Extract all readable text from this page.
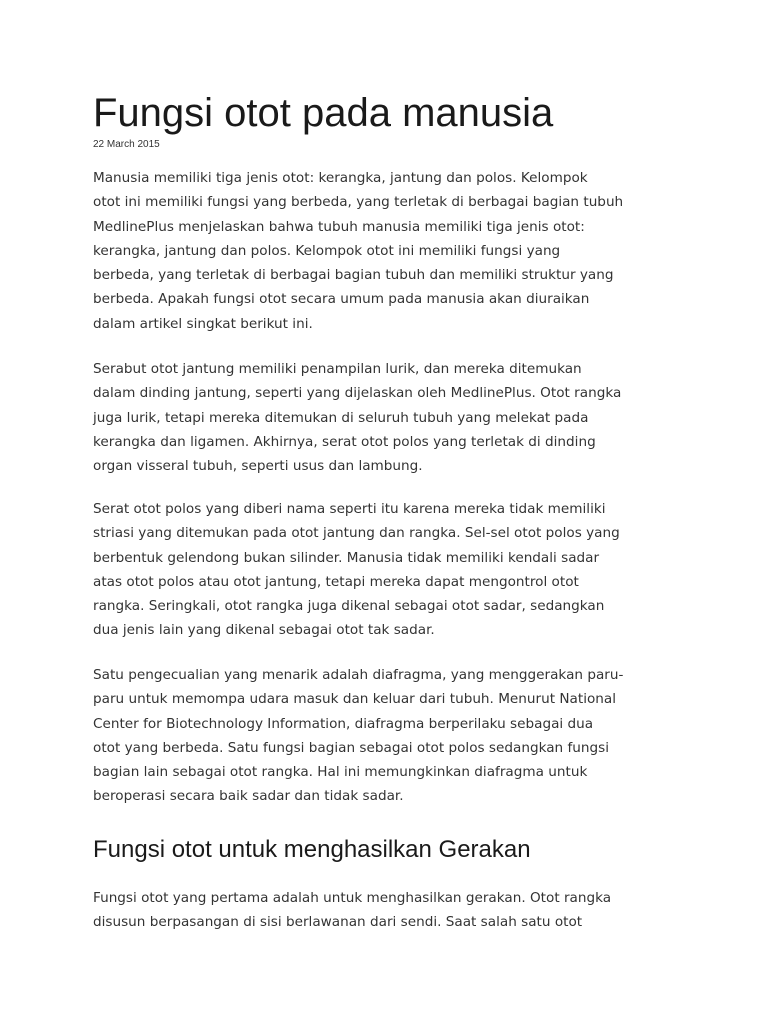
Fungsi otot pada manusia
22 March 2015

Manusia memiliki tiga jenis otot: kerangka, jantung dan polos. Kelompok
otot ini memiliki fungsi yang berbeda, yang terletak di berbagai bagian tubuh
MedlinePlus menjelaskan bahwa tubuh manusia memiliki tiga jenis otot:
kerangka, jantung dan polos. Kelompok otot ini memiliki fungsi yang
berbeda, yang terletak di berbagai bagian tubuh dan memiliki struktur yang
berbeda. Apakah fungsi otot secara umum pada manusia akan diuraikan
dalam artikel singkat berikut ini.

Serabut otot jantung memiliki penampilan lurik, dan mereka ditemukan
dalam dinding jantung, seperti yang dijelaskan oleh MedlinePlus. Otot rangka
juga lurik, tetapi mereka ditemukan di seluruh tubuh yang melekat pada
kerangka dan ligamen. Akhirnya, serat otot polos yang terletak di dinding
organ visseral tubuh, seperti usus dan lambung.

Serat otot polos yang diberi nama seperti itu karena mereka tidak memiliki
striasi yang ditemukan pada otot jantung dan rangka. Sel-sel otot polos yang
berbentuk gelendong bukan silinder. Manusia tidak memiliki kendali sadar
atas otot polos atau otot jantung, tetapi mereka dapat mengontrol otot
rangka. Seringkali, otot rangka juga dikenal sebagai otot sadar, sedangkan
dua jenis lain yang dikenal sebagai otot tak sadar.

Satu pengecualian yang menarik adalah diafragma, yang menggerakan paru-
paru untuk memompa udara masuk dan keluar dari tubuh. Menurut National
Center for Biotechnology Information, diafragma berperilaku sebagai dua
otot yang berbeda. Satu fungsi bagian sebagai otot polos sedangkan fungsi
bagian lain sebagai otot rangka. Hal ini memungkinkan diafragma untuk
beroperasi secara baik sadar dan tidak sadar.

Fungsi otot untuk menghasilkan Gerakan

Fungsi otot yang pertama adalah untuk menghasilkan gerakan. Otot rangka
disusun berpasangan di sisi berlawanan dari sendi. Saat salah satu otot
